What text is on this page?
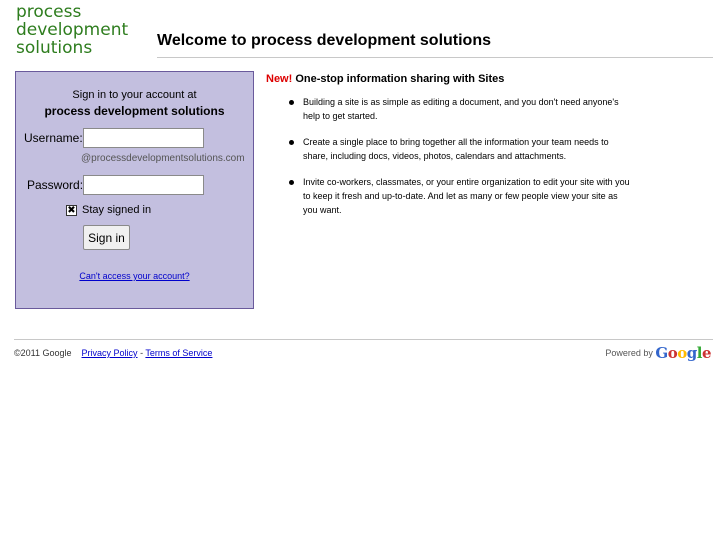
process
development
solutions	Welcome to process development solutions
Sign in to your account at
process development solutions
Username:
@processdevelopmentsolutions.com
Password:
✖ Stay signed in
Sign in
Can't access your account?
New! One-stop information sharing with Sites
Building a site is as simple as editing a document, and you don't need anyone's help to get started.
Create a single place to bring together all the information your team needs to share, including docs, videos, photos, calendars and attachments.
Invite co-workers, classmates, or your entire organization to edit your site with you to keep it fresh and up-to-date. And let as many or few people view your site as you want.
©2011 Google Privacy Policy - Terms of Service	Powered by Google
